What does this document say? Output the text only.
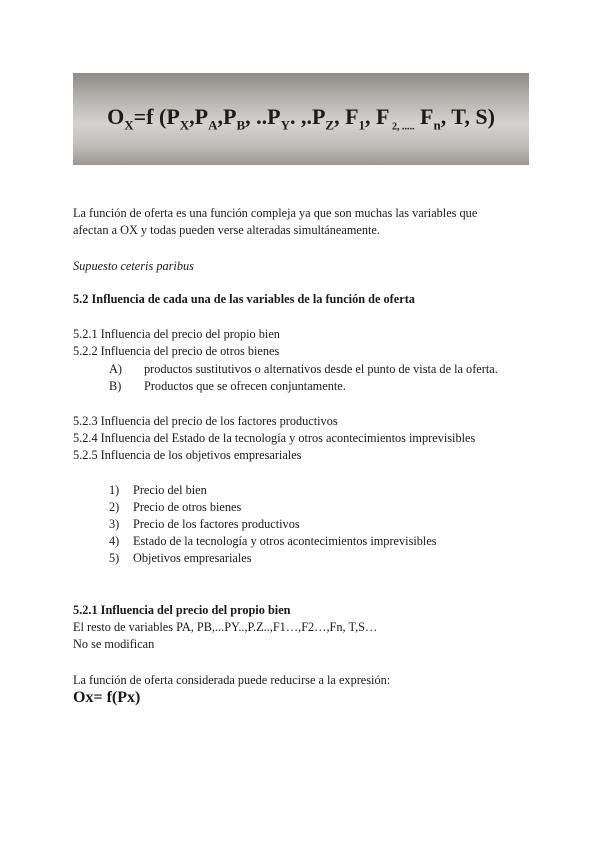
$O_X=f$ ($P_X,P_A,P_B$, $..P_Y$. $,.P_Z$, $F_1$, F $_{2, .....}$ $F_n$, T, S)
La función de oferta es una función compleja ya que son muchas las variables que
afectan a OX y todas pueden verse alteradas simultáneamente.
Supuesto ceteris paribus
5.2 Influencia de cada una de las variables de la función de oferta
5.2.1 Influencia del precio del propio bien
5.2.2 Influencia del precio de otros bienes
A) productos sustitutivos o alternativos desde el punto de vista de la oferta.
B) Productos que se ofrecen conjuntamente.
5.2.3 Influencia del precio de los factores productivos
5.2.4 Influencia del Estado de la tecnología y otros acontecimientos imprevisibles
5.2.5 Influencia de los objetivos empresariales
1) Precio del bien
2) Precio de otros bienes
3) Precio de los factores productivos
4) Estado de la tecnología y otros acontecimientos imprevisibles
5) Objetivos empresariales
5.2.1 Influencia del precio del propio bien
El resto de variables PA, PB,...PY..,P.Z..,F1…,F2…,Fn, T,S…
No se modifican
La función de oferta considerada puede reducirse a la expresión:
Ox= f(Px)
